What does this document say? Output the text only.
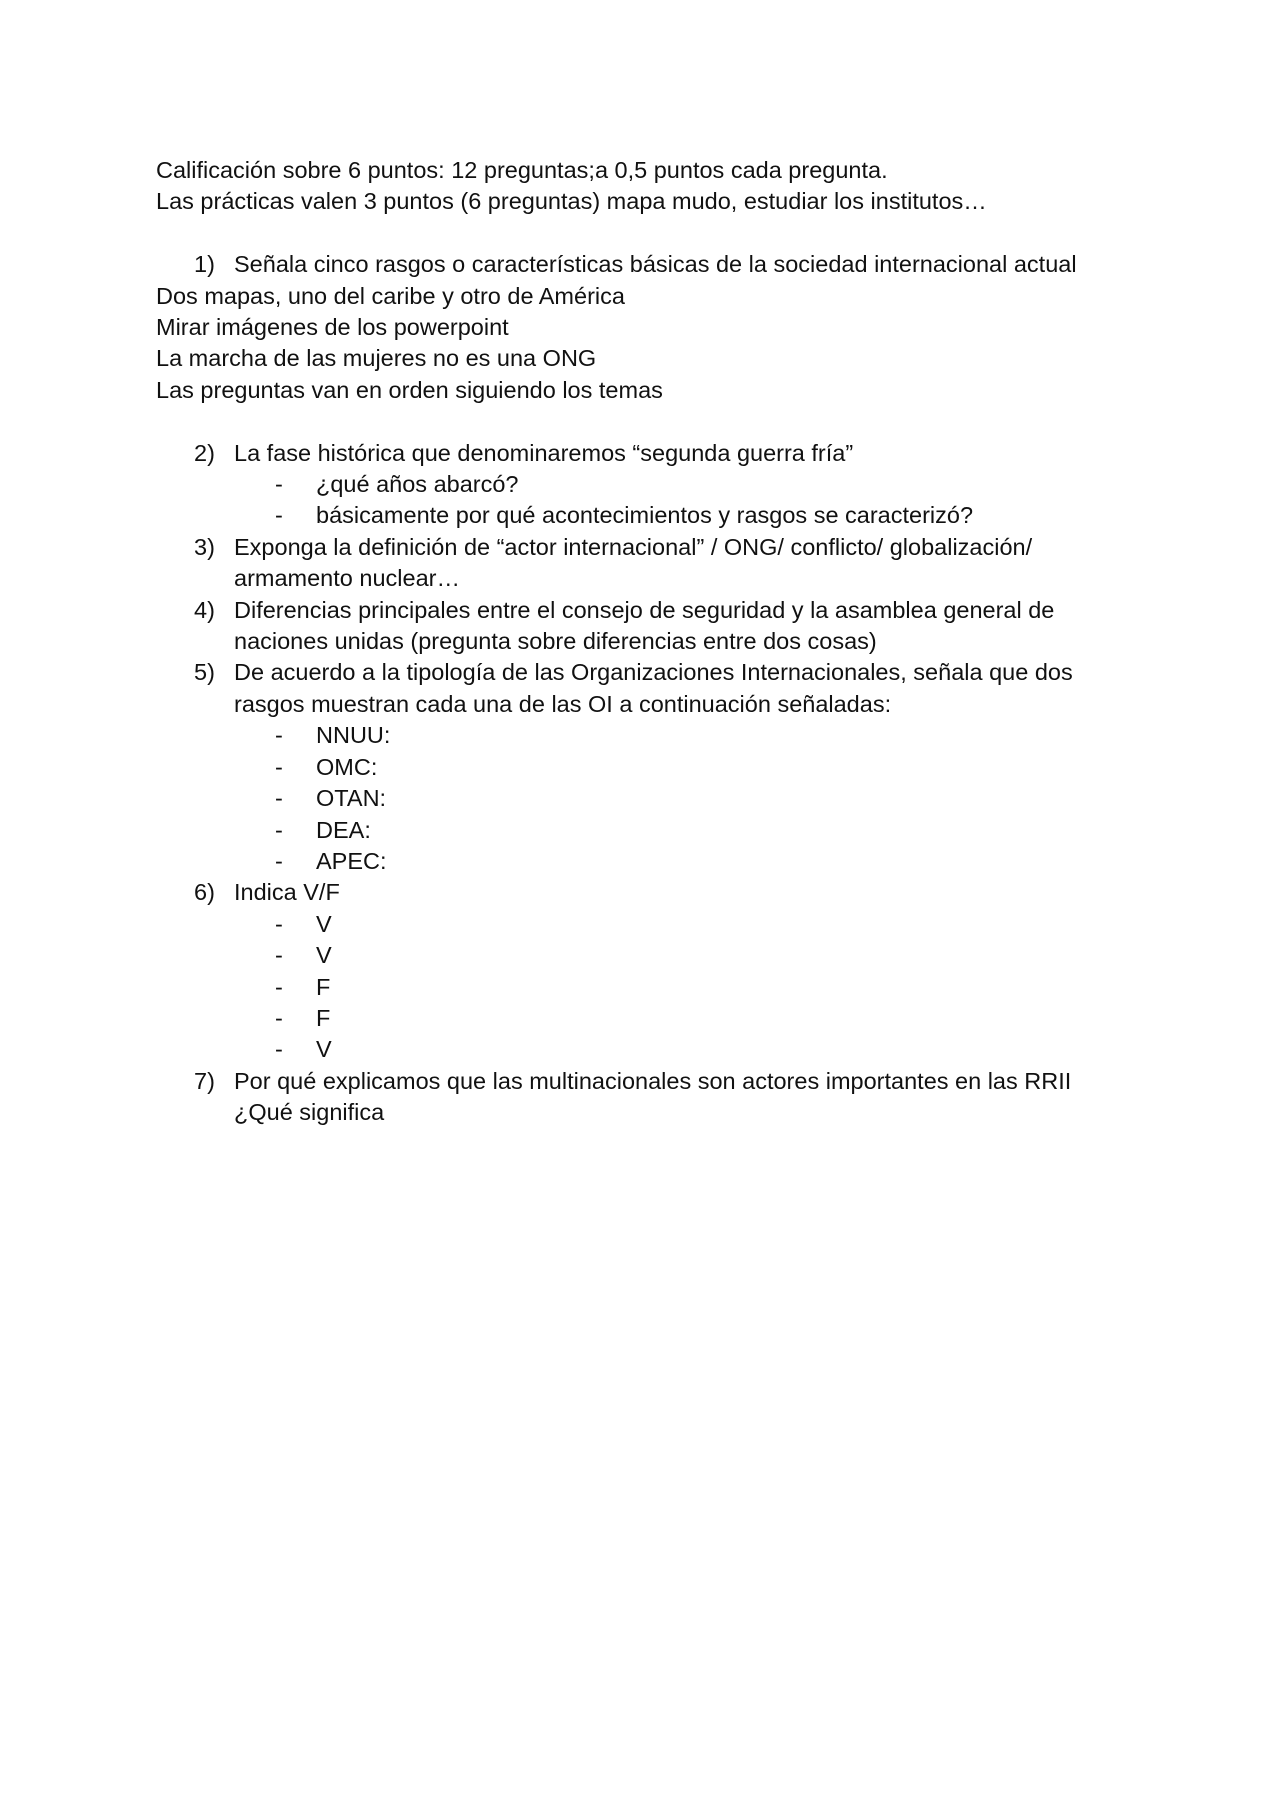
Calificación sobre 6 puntos: 12 preguntas;a 0,5 puntos cada pregunta.
Las prácticas valen 3 puntos (6 preguntas) mapa mudo, estudiar los institutos…
1) Señala cinco rasgos o características básicas de la sociedad internacional actual
Dos mapas, uno del caribe y otro de América
Mirar imágenes de los powerpoint
La marcha de las mujeres no es una ONG
Las preguntas van en orden siguiendo los temas
2) La fase histórica que denominaremos “segunda guerra fría”
-	¿qué años abarcó?
-	básicamente por qué acontecimientos y rasgos se caracterizó?
3) Exponga la definición de “actor internacional” / ONG/ conflicto/ globalización/
armamento nuclear…
4) Diferencias principales entre el consejo de seguridad y la asamblea general de
naciones unidas (pregunta sobre diferencias entre dos cosas)
5) De acuerdo a la tipología de las Organizaciones Internacionales, señala que dos
rasgos muestran cada una de las OI a continuación señaladas:
-	NNUU:
-	OMC:
-	OTAN:
-	DEA:
-	APEC:
6) Indica V/F
-	V
-	V
-	F
-	F
-	V
7) Por qué explicamos que las multinacionales son actores importantes en las RRII
¿Qué significa
